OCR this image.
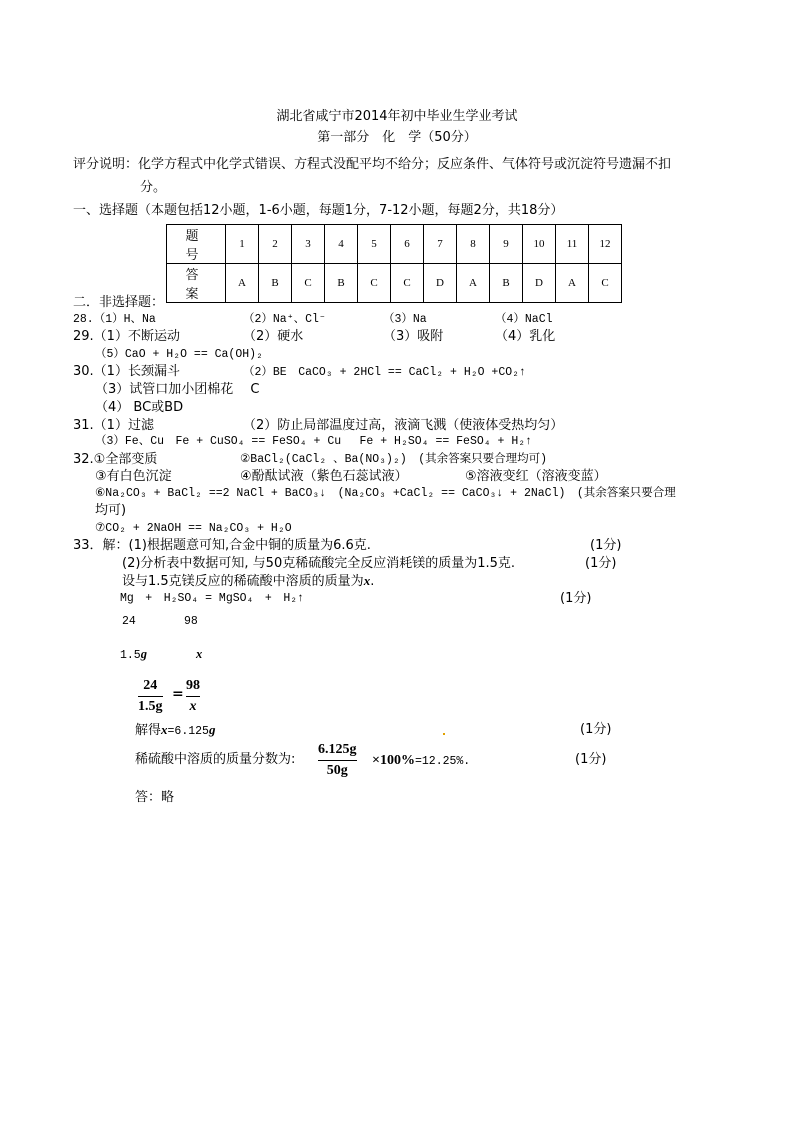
湖北省咸宁市2014年初中毕业生学业考试
第一部分　化　学（50分）
评分说明：化学方程式中化学式错误、方程式没配平均不给分；反应条件、气体符号或沉淀符号遗漏不扣
分。
一、选择题（本题包括12小题，1-6小题，每题1分，7-12小题，每题2分，共18分）
题　号	1	2	3	4	5	6	7	8	9	10	11	12
答　案	A	B	C	B	C	C	D	A	B	D	A	C
二．非选择题：
28.（1）H、Na	（2）Na⁺、Cl⁻	（3）Na	（4）NaCl
29.（1）不断运动	（2）硬水	（3）吸附	（4）乳化
（5）CaO + H₂O == Ca(OH)₂
30.（1）长颈漏斗	（2）BE　CaCO₃ + 2HCl == CaCl₂ + H₂O +CO₂↑
（3）试管口加小团棉花　 C
（4） BC或BD
31.（1）过滤	（2）防止局部温度过高，液滴飞溅（使液体受热均匀）
（3）Fe、Cu　Fe + CuSO₄ == FeSO₄ + Cu　 Fe + H₂SO₄ == FeSO₄ + H₂↑
32.①全部变质	②BaCl₂(CaCl₂ 、Ba(NO₃)₂)　(其余答案只要合理均可)
③有白色沉淀	④酚酞试液（紫色石蕊试液）	⑤溶液变红（溶液变蓝）
⑥Na₂CO₃ + BaCl₂ ==2 NaCl + BaCO₃↓　(Na₂CO₃ +CaCl₂ == CaCO₃↓ + 2NaCl)　(其余答案只要合理
均可)
⑦CO₂ + 2NaOH == Na₂CO₃ + H₂O
33．解：(1)根据题意可知,合金中铜的质量为6.6克.	(1分)
(2)分析表中数据可知, 与50克稀硫酸完全反应消耗镁的质量为1.5克.	(1分)
设与1.5克镁反应的稀硫酸中溶质的质量为x.
Mg　+　H₂SO₄ = MgSO₄　+　H₂↑	(1分)
24	98
1.5g	x
24
1.5g
=
98
x
解得x=6.125g	(1分)
稀硫酸中溶质的质量分数为:
6.125g
50g
×100%=12.25%.	(1分)
答：略
